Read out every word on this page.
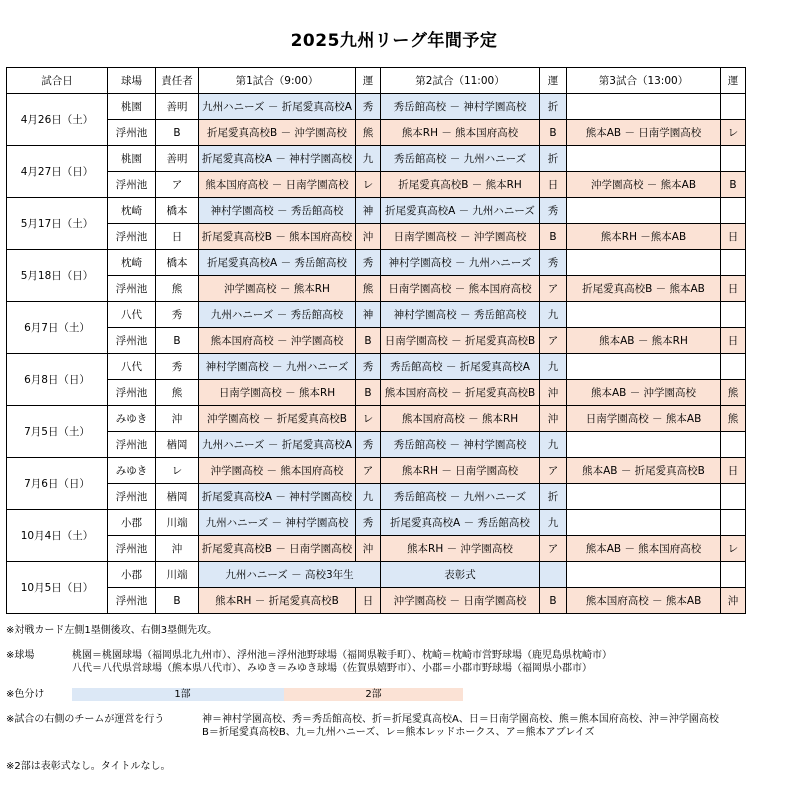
2025九州リーグ年間予定
試合日	球場	責任者	第1試合（9:00）	運	第2試合（11:00）	運	第3試合（13:00）	運
4月26日（土）	桃園	善明	九州ハニーズ － 折尾愛真高校A	秀	秀岳館高校 － 神村学園高校	折		
	浮州池	B	折尾愛真高校B － 沖学園高校	熊	熊本RH － 熊本国府高校	B	熊本AB － 日南学園高校	レ
4月27日（日）	桃園	善明	折尾愛真高校A － 神村学園高校	九	秀岳館高校 － 九州ハニーズ	折		
	浮州池	ア	熊本国府高校 － 日南学園高校	レ	折尾愛真高校B － 熊本RH	日	沖学園高校 － 熊本AB	B
5月17日（土）	枕崎	橋本	神村学園高校 － 秀岳館高校	神	折尾愛真高校A － 九州ハニーズ	秀		
	浮州池	日	折尾愛真高校B － 熊本国府高校	沖	日南学園高校 － 沖学園高校	B	熊本RH －熊本AB	日
5月18日（日）	枕崎	橋本	折尾愛真高校A － 秀岳館高校	秀	神村学園高校 － 九州ハニーズ	秀		
	浮州池	熊	沖学園高校 － 熊本RH	熊	日南学園高校 － 熊本国府高校	ア	折尾愛真高校B － 熊本AB	日
6月7日（土）	八代	秀	九州ハニーズ － 秀岳館高校	神	神村学園高校 － 秀岳館高校	九		
	浮州池	B	熊本国府高校 － 沖学園高校	B	日南学園高校 － 折尾愛真高校B	ア	熊本AB － 熊本RH	日
6月8日（日）	八代	秀	神村学園高校 － 九州ハニーズ	秀	秀岳館高校 － 折尾愛真高校A	九		
	浮州池	熊	日南学園高校 － 熊本RH	B	熊本国府高校 － 折尾愛真高校B	沖	熊本AB － 沖学園高校	熊
7月5日（土）	みゆき	沖	沖学園高校 － 折尾愛真高校B	レ	熊本国府高校 － 熊本RH	沖	日南学園高校 － 熊本AB	熊
	浮州池	楢岡	九州ハニーズ － 折尾愛真高校A	秀	秀岳館高校 － 神村学園高校	九		
7月6日（日）	みゆき	レ	沖学園高校 － 熊本国府高校	ア	熊本RH － 日南学園高校	ア	熊本AB － 折尾愛真高校B	日
	浮州池	楢岡	折尾愛真高校A － 神村学園高校	九	秀岳館高校 － 九州ハニーズ	折		
10月4日（土）	小郡	川端	九州ハニーズ － 神村学園高校	秀	折尾愛真高校A － 秀岳館高校	九		
	浮州池	沖	折尾愛真高校B － 日南学園高校	沖	熊本RH － 沖学園高校	ア	熊本AB － 熊本国府高校	レ
10月5日（日）	小郡	川端	九州ハニーズ － 高校3年生		表彰式			
	浮州池	B	熊本RH － 折尾愛真高校B	日	沖学園高校 － 日南学園高校	B	熊本国府高校 － 熊本AB	沖
※対戦カード左側1塁側後攻、右側3塁側先攻。
※球場	桃園＝桃園球場（福岡県北九州市）、浮州池＝浮州池野球場（福岡県鞍手町）、枕崎＝枕崎市営野球場（鹿児島県枕崎市）
八代＝八代県営球場（熊本県八代市）、みゆき＝みゆき球場（佐賀県嬉野市）、小郡＝小郡市野球場（福岡県小郡市）
※色分け	1部	2部
※試合の右側のチームが運営を行う	神＝神村学園高校、秀＝秀岳館高校、折＝折尾愛真高校A、日＝日南学園高校、熊＝熊本国府高校、沖＝沖学園高校
B＝折尾愛真高校B、九＝九州ハニーズ、レ＝熊本レッドホークス、ア＝熊本アブレイズ
※2部は表彰式なし。タイトルなし。
